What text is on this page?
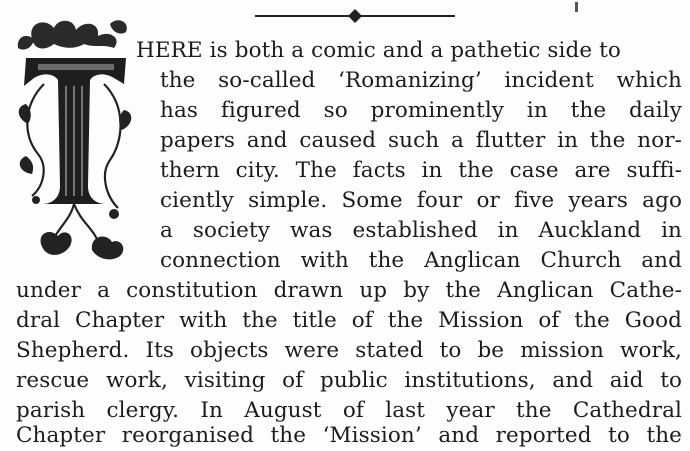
HERE is both a comic and a pathetic side to
the so-called ‘Romanizing’ incident which
has figured so prominently in the daily
papers and caused such a flutter in the nor-
thern city. The facts in the case are suffi-
ciently simple. Some four or five years ago
a society was established in Auckland in
connection with the Anglican Church and
under a constitution drawn up by the Anglican Cathe-
dral Chapter with the title of the Mission of the Good
Shepherd. Its objects were stated to be mission work,
rescue work, visiting of public institutions, and aid to
parish clergy. In August of last year the Cathedral
Chapter reorganised the ‘Mission’ and reported to the
